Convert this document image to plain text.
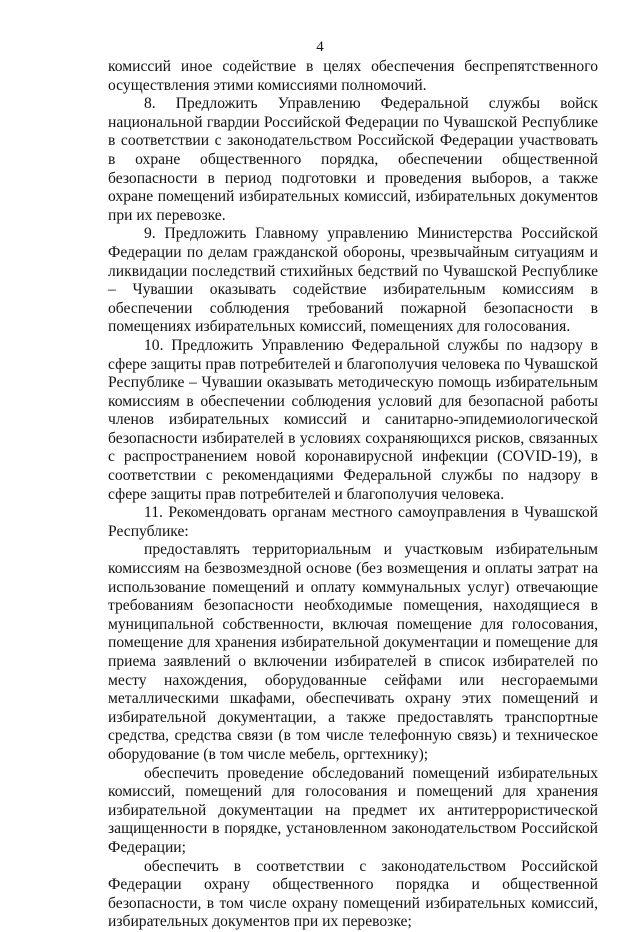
4

комиссий иное содействие в целях обеспечения беспрепятственного осуществления этими комиссиями полномочий.

8. Предложить Управлению Федеральной службы войск национальной гвардии Российской Федерации по Чувашской Республике в соответствии с законодательством Российской Федерации участвовать в охране общественного порядка, обеспечении общественной безопасности в период подготовки и проведения выборов, а также охране помещений избирательных комиссий, избирательных документов при их перевозке.

9. Предложить Главному управлению Министерства Российской Федерации по делам гражданской обороны, чрезвычайным ситуациям и ликвидации последствий стихийных бедствий по Чувашской Республике – Чувашии оказывать содействие избирательным комиссиям в обеспечении соблюдения требований пожарной безопасности в помещениях избирательных комиссий, помещениях для голосования.

10. Предложить Управлению Федеральной службы по надзору в сфере защиты прав потребителей и благополучия человека по Чувашской Республике – Чувашии оказывать методическую помощь избирательным комиссиям в обеспечении соблюдения условий для безопасной работы членов избирательных комиссий и санитарно-эпидемиологической безопасности избирателей в условиях сохраняющихся рисков, связанных с распространением новой коронавирусной инфекции (COVID-19), в соответствии с рекомендациями Федеральной службы по надзору в сфере защиты прав потребителей и благополучия человека.

11. Рекомендовать органам местного самоуправления в Чувашской Республике:

предоставлять территориальным и участковым избирательным комиссиям на безвозмездной основе (без возмещения и оплаты затрат на использование помещений и оплату коммунальных услуг) отвечающие требованиям безопасности необходимые помещения, находящиеся в муниципальной собственности, включая помещение для голосования, помещение для хранения избирательной документации и помещение для приема заявлений о включении избирателей в список избирателей по месту нахождения, оборудованные сейфами или несгораемыми металлическими шкафами, обеспечивать охрану этих помещений и избирательной документации, а также предоставлять транспортные средства, средства связи (в том числе телефонную связь) и техническое оборудование (в том числе мебель, оргтехнику);

обеспечить проведение обследований помещений избирательных комиссий, помещений для голосования и помещений для хранения избирательной документации на предмет их антитеррористической защищенности в порядке, установленном законодательством Российской Федерации;

обеспечить в соответствии с законодательством Российской Федерации охрану общественного порядка и общественной безопасности, в том числе охрану помещений избирательных комиссий, избирательных документов при их перевозке;
